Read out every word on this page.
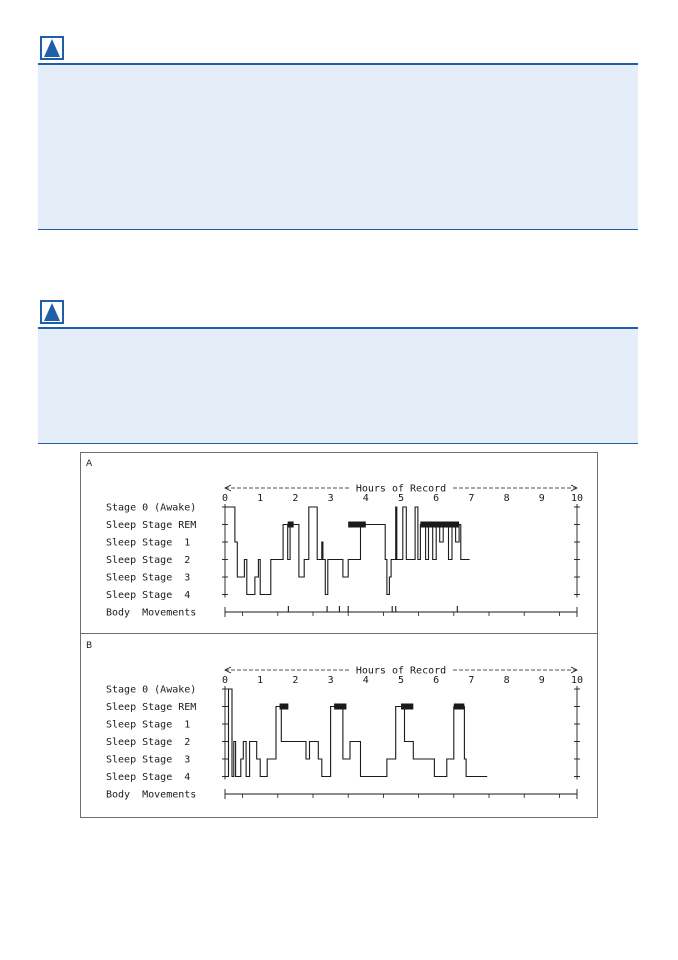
A
Hours of Record
0	1	2	3	4	5	6	7	8	9	10
Stage 0 (Awake)
Sleep Stage REM
Sleep Stage  1
Sleep Stage  2
Sleep Stage  3
Sleep Stage  4
Body  Movements
B
Hours of Record
0	1	2	3	4	5	6	7	8	9	10
Stage 0 (Awake)
Sleep Stage REM
Sleep Stage  1
Sleep Stage  2
Sleep Stage  3
Sleep Stage  4
Body  Movements
